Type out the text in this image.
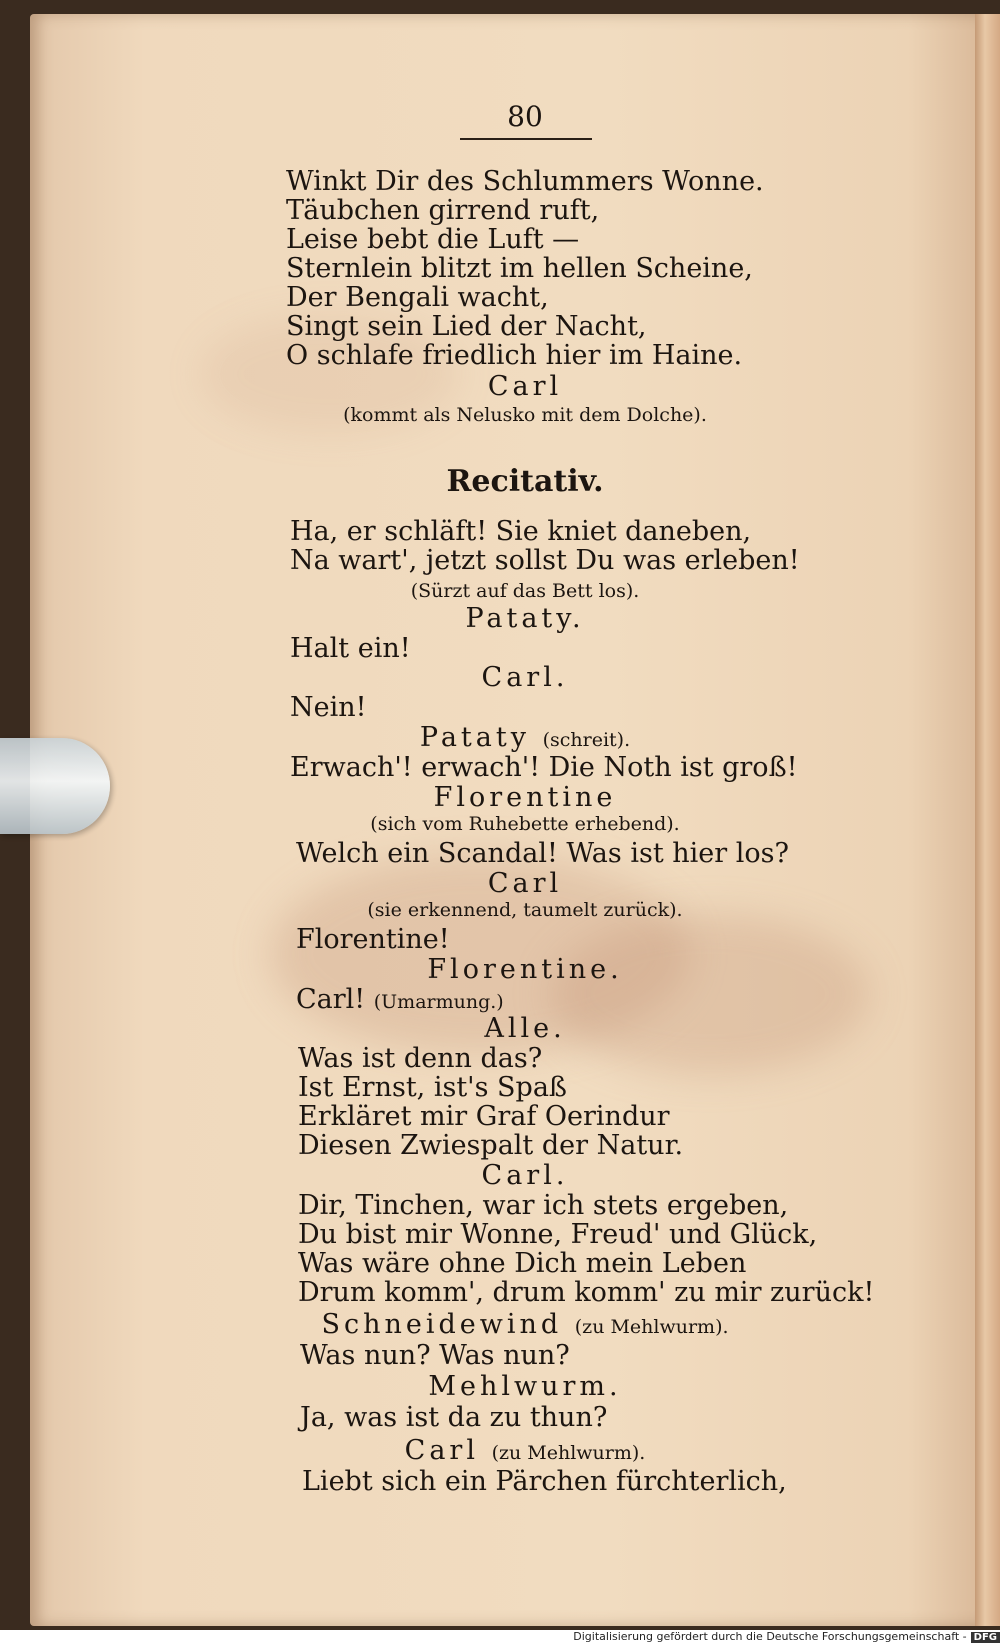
80
Winkt Dir des Schlummers Wonne.
Täubchen girrend ruft,
Leise bebt die Luft —
Sternlein blitzt im hellen Scheine,
Der Bengali wacht,
Singt sein Lied der Nacht,
O schlafe friedlich hier im Haine.
Carl
(kommt als Nelusko mit dem Dolche).
Recitativ.
Ha, er schläft! Sie kniet daneben,
Na wart', jetzt sollst Du was erleben!
(Sürzt auf das Bett los).
Pataty.
Halt ein!
Carl.
Nein!
Pataty (schreit).
Erwach'! erwach'! Die Noth ist groß!
Florentine
(sich vom Ruhebette erhebend).
Welch ein Scandal! Was ist hier los?
Carl
(sie erkennend, taumelt zurück).
Florentine!
Florentine.
Carl! (Umarmung.)
Alle.
Was ist denn das?
Ist Ernst, ist's Spaß
Erkläret mir Graf Oerindur
Diesen Zwiespalt der Natur.
Carl.
Dir, Tinchen, war ich stets ergeben,
Du bist mir Wonne, Freud' und Glück,
Was wäre ohne Dich mein Leben
Drum komm', drum komm' zu mir zurück!
Schneidewind (zu Mehlwurm).
Was nun? Was nun?
Mehlwurm.
Ja, was ist da zu thun?
Carl (zu Mehlwurm).
Liebt sich ein Pärchen fürchterlich,
Digitalisierung gefördert durch die Deutsche Forschungsgemeinschaft - DFG
